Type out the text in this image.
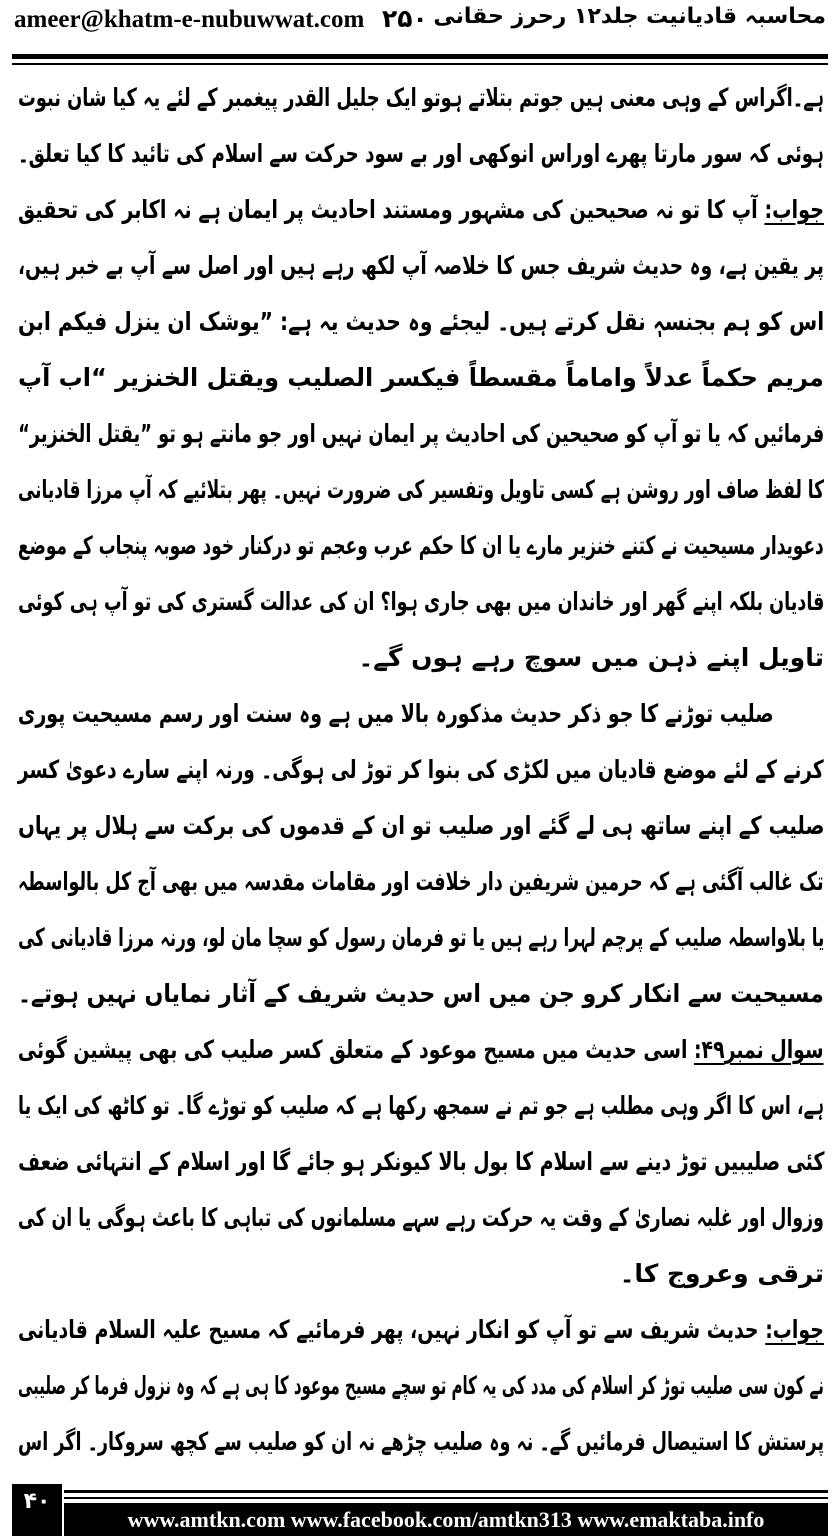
ameer@khatm-e-nubuwwat.com ۲۵۰ محاسبہ قادیانیت جلد۱۲ رحرز حقانی
ہے۔اگراس کے وہی معنی ہیں جوتم بتلاتے ہوتو ایک جلیل القدر پیغمبر کے لئے یہ کیا شان نبوت
ہوئی کہ سور مارتا پھرے اوراس انوکھی اور بے سود حرکت سے اسلام کی تائید کا کیا تعلق۔
جواب: آپ کا تو نہ صحیحین کی مشہور ومستند احادیث پر ایمان ہے نہ اکابر کی تحقیق
پر یقین ہے، وہ حدیث شریف جس کا خلاصہ آپ لکھ رہے ہیں اور اصل سے آپ بے خبر ہیں،
اس کو ہم بجنسہٖ نقل کرتے ہیں۔ لیجئے وہ حدیث یہ ہے: ”یوشک ان ینزل فیکم ابن
مریم حکماً عدلاً واماماً مقسطاً فیکسر الصلیب ویقتل الخنزیر “اب آپ
فرمائیں کہ یا تو آپ کو صحیحین کی احادیث پر ایمان نہیں اور جو مانتے ہو تو ”یقتل الخنزیر“
کا لفظ صاف اور روشن ہے کسی تاویل وتفسیر کی ضرورت نہیں۔ پھر بتلائیے کہ آپ مرزا قادیانی
دعویدار مسیحیت نے کتنے خنزیر مارے یا ان کا حکم عرب وعجم تو درکنار خود صوبہ پنجاب کے موضع
قادیان بلکہ اپنے گھر اور خاندان میں بھی جاری ہوا؟ ان کی عدالت گستری کی تو آپ ہی کوئی
تاویل اپنے ذہن میں سوچ رہے ہوں گے۔
صلیب توڑنے کا جو ذکر حدیث مذکورہ بالا میں ہے وہ سنت اور رسم مسیحیت پوری
کرنے کے لئے موضع قادیان میں لکڑی کی بنوا کر توڑ لی ہوگی۔ ورنہ اپنے سارے دعویٰ کسر
صلیب کے اپنے ساتھ ہی لے گئے اور صلیب تو ان کے قدموں کی برکت سے ہلال پر یہاں
تک غالب آگئی ہے کہ حرمین شریفین دار خلافت اور مقامات مقدسہ میں بھی آج کل بالواسطہ
یا بلاواسطہ صلیب کے پرچم لہرا رہے ہیں یا تو فرمان رسول کو سچا مان لو، ورنہ مرزا قادیانی کی
مسیحیت سے انکار کرو جن میں اس حدیث شریف کے آثار نمایاں نہیں ہوتے۔
سوال نمبر۴۹: اسی حدیث میں مسیح موعود کے متعلق کسر صلیب کی بھی پیشین گوئی
ہے، اس کا اگر وہی مطلب ہے جو تم نے سمجھ رکھا ہے کہ صلیب کو توڑے گا۔ تو کاٹھ کی ایک یا
کئی صلیبیں توڑ دینے سے اسلام کا بول بالا کیونکر ہو جائے گا اور اسلام کے انتہائی ضعف
وزوال اور غلبہ نصاریٰ کے وقت یہ حرکت رہے سہے مسلمانوں کی تباہی کا باعث ہوگی یا ان کی
ترقی وعروج کا۔
جواب: حدیث شریف سے تو آپ کو انکار نہیں، پھر فرمائیے کہ مسیح علیہ السلام قادیانی
نے کون سی صلیب توڑ کر اسلام کی مدد کی یہ کام تو سچے مسیح موعود کا ہی ہے کہ وہ نزول فرما کر صلیبی
پرستش کا استیصال فرمائیں گے۔ نہ وہ صلیب چڑھے نہ ان کو صلیب سے کچھ سروکار۔ اگر اس
۴۰
www.amtkn.com www.facebook.com/amtkn313 www.emaktaba.info
